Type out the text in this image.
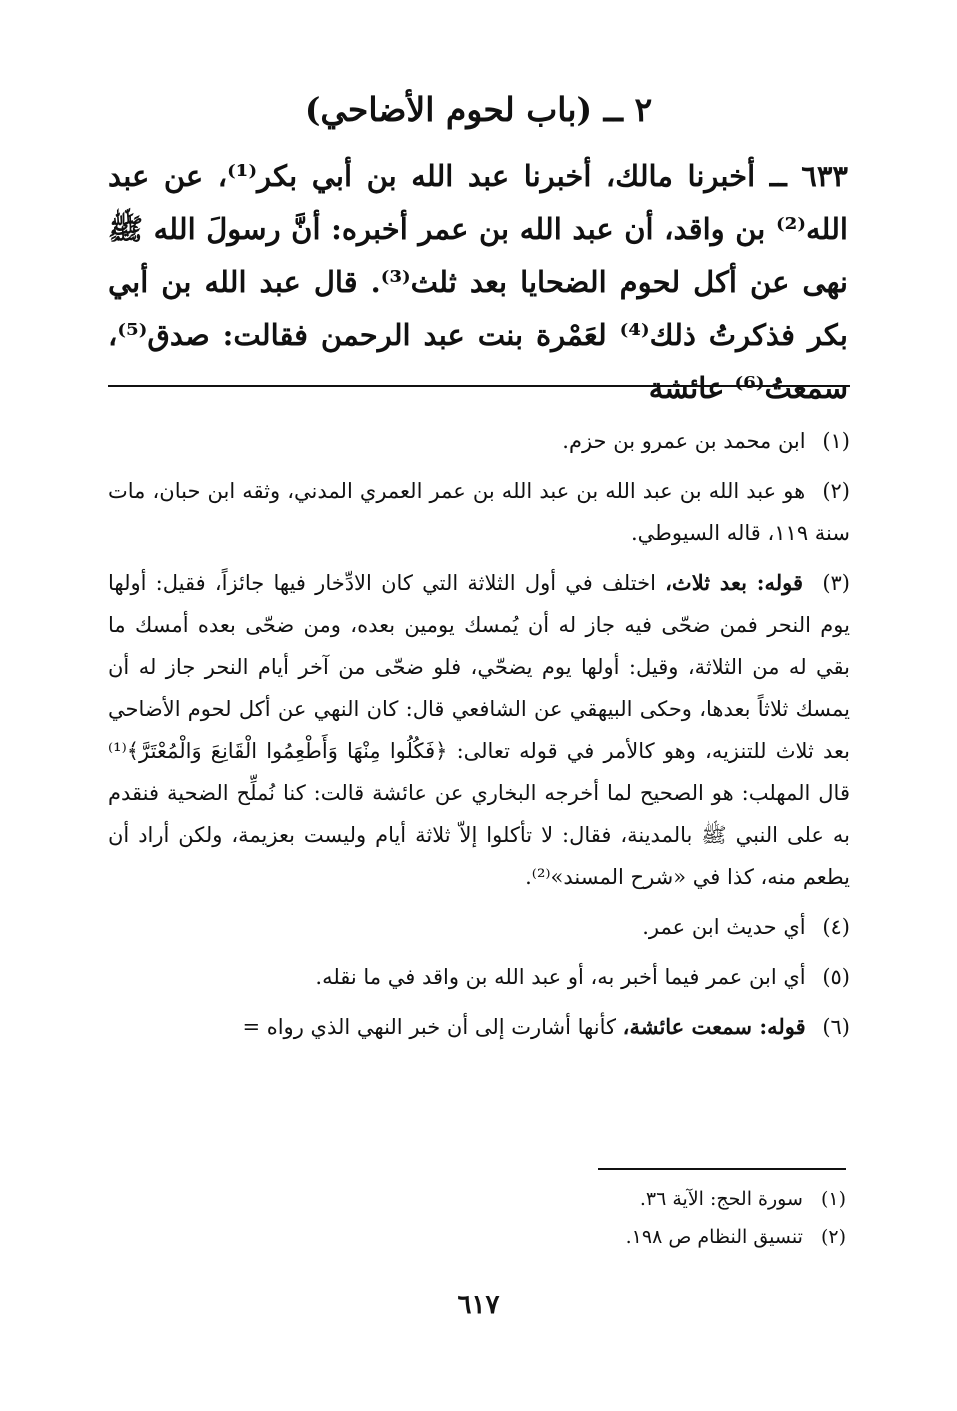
٢ ــ (باب لحوم الأضاحي)
٦٣٣ ــ أخبرنا مالك، أخبرنا عبد الله بن أبي بكر⁽¹⁾، عن عبد الله⁽²⁾ بن واقد، أن عبد الله بن عمر أخبره: أنَّ رسولَ الله ﷺ نهى عن أكل لحوم الضحايا بعد ثلث⁽³⁾. قال عبد الله بن أبي بكر فذكرتُ ذلك⁽⁴⁾ لعَمْرة بنت عبد الرحمن فقالت: صدق⁽⁵⁾، سمعتُ⁽⁶⁾ عائشة

(١) ابن محمد بن عمرو بن حزم.

(٢) هو عبد الله بن عبد الله بن عبد الله بن عمر العمري المدني، وثقه ابن حبان، مات سنة ١١٩، قاله السيوطي.

(٣) قوله: بعد ثلاث، اختلف في أول الثلاثة التي كان الادِّخار فيها جائزاً، فقيل: أولها يوم النحر فمن ضحّى فيه جاز له أن يُمسك يومين بعده، ومن ضحّى بعده أمسك ما بقي له من الثلاثة، وقيل: أولها يوم يضحّي، فلو ضحّى من آخر أيام النحر جاز له أن يمسك ثلاثاً بعدها، وحكى البيهقي عن الشافعي قال: كان النهي عن أكل لحوم الأضاحي بعد ثلاث للتنزيه، وهو كالأمر في قوله تعالى: ﴿فَكُلُوا مِنْهَا وَأَطْعِمُوا الْقَانِعَ وَالْمُعْتَرَّ﴾⁽¹⁾ قال المهلب: هو الصحيح لما أخرجه البخاري عن عائشة قالت: كنا نُملِّح الضحية فنقدم به على النبي ﷺ بالمدينة، فقال: لا تأكلوا إلاّ ثلاثة أيام وليست بعزيمة، ولكن أراد أن يطعم منه، كذا في «شرح المسند»⁽²⁾.

(٤) أي حديث ابن عمر.

(٥) أي ابن عمر فيما أخبر به، أو عبد الله بن واقد في ما نقله.

(٦) قوله: سمعت عائشة، كأنها أشارت إلى أن خبر النهي الذي رواه =

(١) سورة الحج: الآية ٣٦.

(٢) تنسيق النظام ص ١٩٨.

٦١٧
